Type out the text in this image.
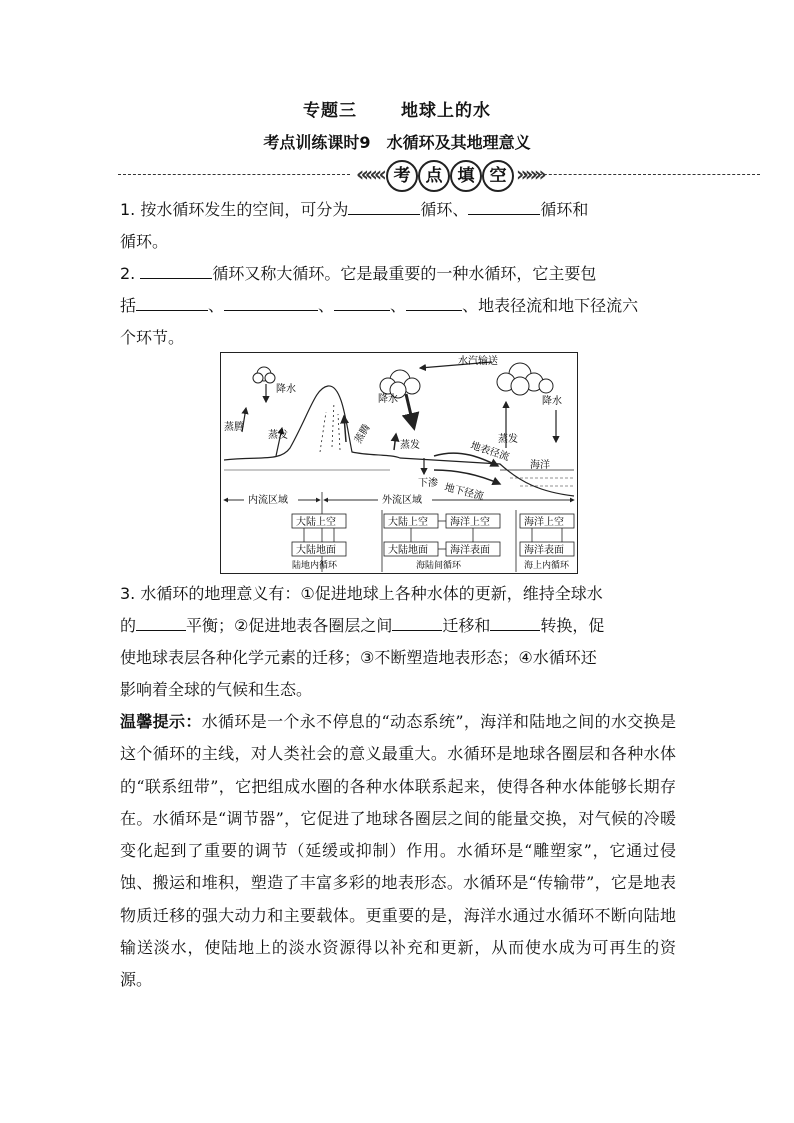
专题三	地球上的水
考点训练课时9 水循环及其地理意义
««« 考 点 填 空 »»»

1. 按水循环发生的空间，可分为	循环、	循环和
循环。

2.	循环又称大循环。它是最重要的一种水循环，它主要包
括	、	、	、	、地表径流和地下径流六
个环节。

水汽输送
降水
降水	降水
蒸腾
蒸发	蒸腾	蒸发
蒸发
地表径流
海洋
下渗 地下径流
内流区域	外流区域
大陆上空
大陆地面
陆地内循环
大陆上空
大陆地面
海洋上空
海洋表面
海陆间循环
海洋上空
海洋表面
海上内循环

3. 水循环的地理意义有：①促进地球上各种水体的更新，维持全球水
的	平衡；②促进地表各圈层之间	迁移和	转换，促
使地球表层各种化学元素的迁移；③不断塑造地表形态；④水循环还
影响着全球的气候和生态。

温馨提示：水循环是一个永不停息的“动态系统”，海洋和陆地之间的水交换是这个循环的主线，对人类社会的意义最重大。水循环是地球各圈层和各种水体的“联系纽带”，它把组成水圈的各种水体联系起来，使得各种水体能够长期存在。水循环是“调节器”，它促进了地球各圈层之间的能量交换，对气候的冷暖变化起到了重要的调节（延缓或抑制）作用。水循环是“雕塑家”，它通过侵蚀、搬运和堆积，塑造了丰富多彩的地表形态。水循环是“传输带”，它是地表物质迁移的强大动力和主要载体。更重要的是，海洋水通过水循环不断向陆地输送淡水，使陆地上的淡水资源得以补充和更新，从而使水成为可再生的资源。
